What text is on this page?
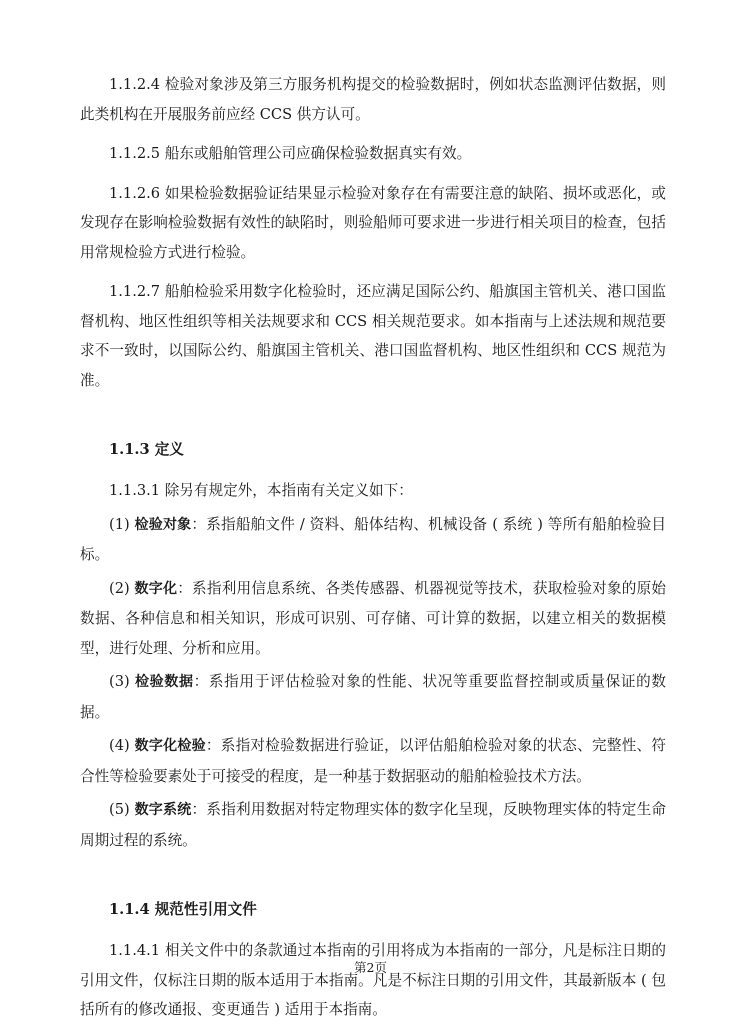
1.1.2.4 检验对象涉及第三方服务机构提交的检验数据时，例如状态监测评估数据，则此类机构在开展服务前应经 CCS 供方认可。

1.1.2.5 船东或船舶管理公司应确保检验数据真实有效。

1.1.2.6 如果检验数据验证结果显示检验对象存在有需要注意的缺陷、损坏或恶化，或发现存在影响检验数据有效性的缺陷时，则验船师可要求进一步进行相关项目的检查，包括用常规检验方式进行检验。

1.1.2.7 船舶检验采用数字化检验时，还应满足国际公约、船旗国主管机关、港口国监督机构、地区性组织等相关法规要求和 CCS 相关规范要求。如本指南与上述法规和规范要求不一致时，以国际公约、船旗国主管机关、港口国监督机构、地区性组织和 CCS 规范为准。

1.1.3 定义

1.1.3.1 除另有规定外，本指南有关定义如下：

(1) 检验对象：系指船舶文件 / 资料、船体结构、机械设备 ( 系统 ) 等所有船舶检验目标。

(2) 数字化：系指利用信息系统、各类传感器、机器视觉等技术，获取检验对象的原始数据、各种信息和相关知识，形成可识别、可存储、可计算的数据，以建立相关的数据模型，进行处理、分析和应用。

(3) 检验数据：系指用于评估检验对象的性能、状况等重要监督控制或质量保证的数据。

(4) 数字化检验：系指对检验数据进行验证，以评估船舶检验对象的状态、完整性、符合性等检验要素处于可接受的程度，是一种基于数据驱动的船舶检验技术方法。

(5) 数字系统：系指利用数据对特定物理实体的数字化呈现，反映物理实体的特定生命周期过程的系统。

1.1.4 规范性引用文件

1.1.4.1 相关文件中的条款通过本指南的引用将成为本指南的一部分，凡是标注日期的引用文件，仅标注日期的版本适用于本指南。凡是不标注日期的引用文件，其最新版本 ( 包括所有的修改通报、变更通告 ) 适用于本指南。

第2页
